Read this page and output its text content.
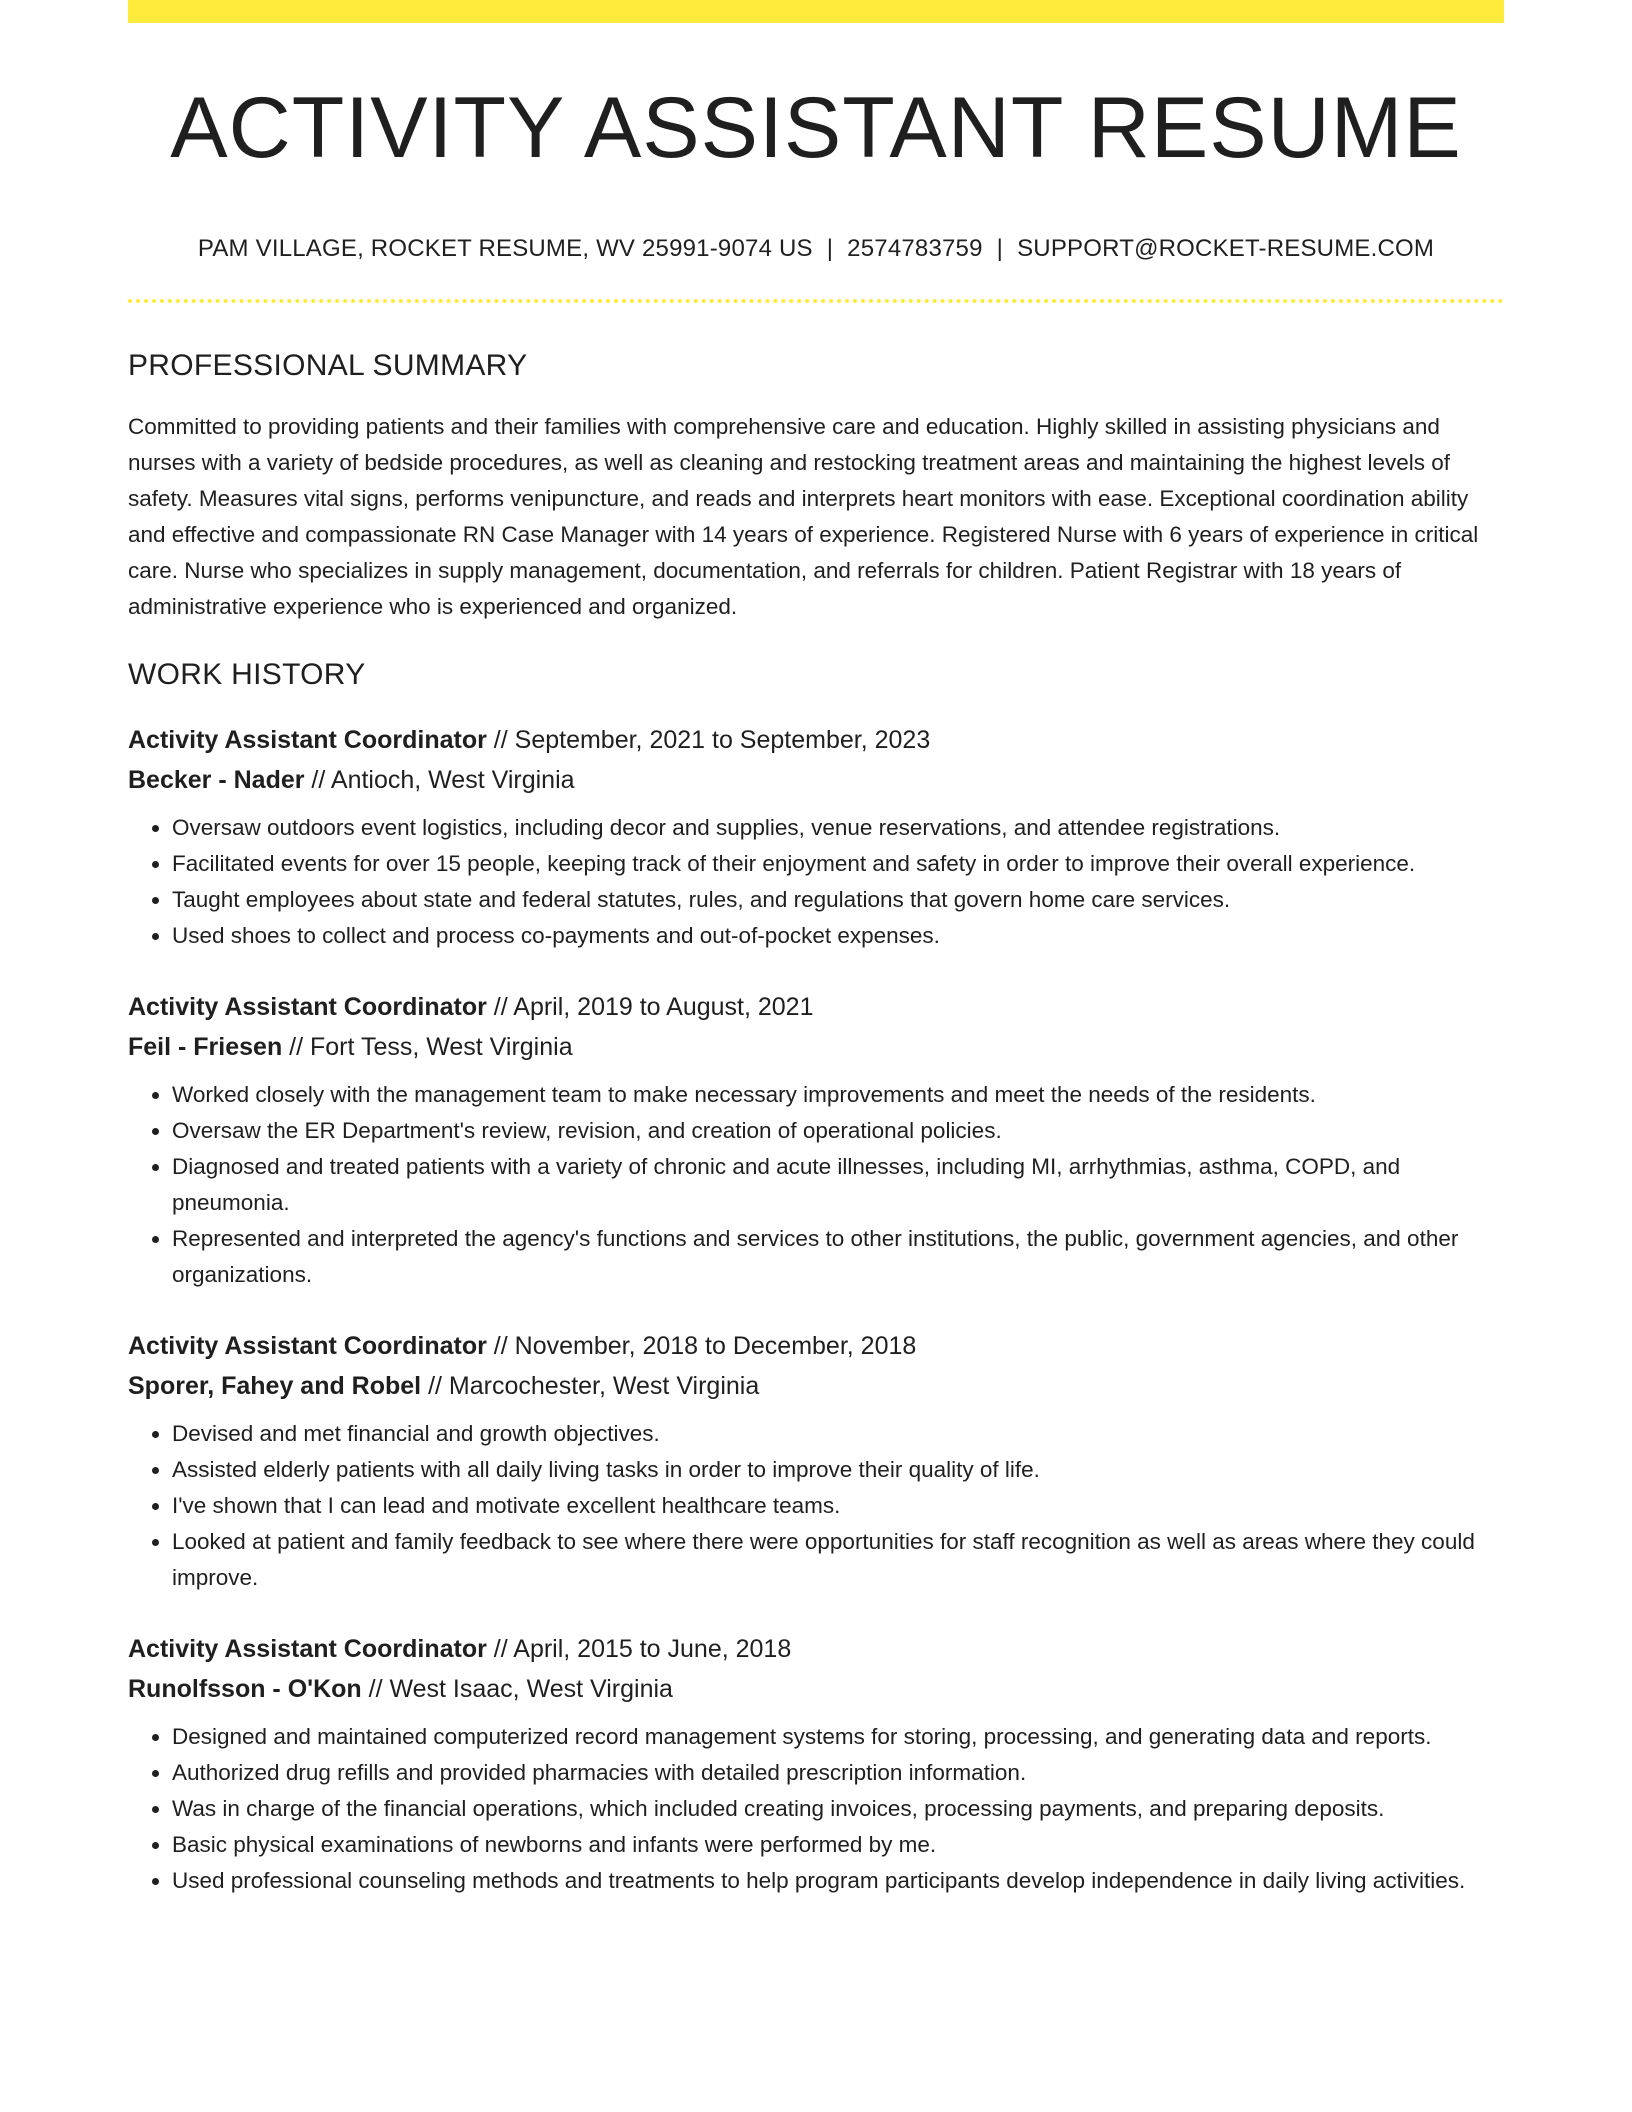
ACTIVITY ASSISTANT RESUME
PAM VILLAGE, ROCKET RESUME, WV 25991-9074 US | 2574783759 | SUPPORT@ROCKET-RESUME.COM
PROFESSIONAL SUMMARY

Committed to providing patients and their families with comprehensive care and education. Highly skilled in assisting physicians and nurses with a variety of bedside procedures, as well as cleaning and restocking treatment areas and maintaining the highest levels of safety. Measures vital signs, performs venipuncture, and reads and interprets heart monitors with ease. Exceptional coordination ability and effective and compassionate RN Case Manager with 14 years of experience. Registered Nurse with 6 years of experience in critical care. Nurse who specializes in supply management, documentation, and referrals for children. Patient Registrar with 18 years of administrative experience who is experienced and organized.

WORK HISTORY
Activity Assistant Coordinator // September, 2021 to September, 2023
Becker - Nader // Antioch, West Virginia
• Oversaw outdoors event logistics, including decor and supplies, venue reservations, and attendee registrations.
• Facilitated events for over 15 people, keeping track of their enjoyment and safety in order to improve their overall experience.
• Taught employees about state and federal statutes, rules, and regulations that govern home care services.
• Used shoes to collect and process co-payments and out-of-pocket expenses.
Activity Assistant Coordinator // April, 2019 to August, 2021
Feil - Friesen // Fort Tess, West Virginia
• Worked closely with the management team to make necessary improvements and meet the needs of the residents.
• Oversaw the ER Department's review, revision, and creation of operational policies.
• Diagnosed and treated patients with a variety of chronic and acute illnesses, including MI, arrhythmias, asthma, COPD, and pneumonia.
• Represented and interpreted the agency's functions and services to other institutions, the public, government agencies, and other organizations.
Activity Assistant Coordinator // November, 2018 to December, 2018
Sporer, Fahey and Robel // Marcochester, West Virginia
• Devised and met financial and growth objectives.
• Assisted elderly patients with all daily living tasks in order to improve their quality of life.
• I've shown that I can lead and motivate excellent healthcare teams.
• Looked at patient and family feedback to see where there were opportunities for staff recognition as well as areas where they could improve.
Activity Assistant Coordinator // April, 2015 to June, 2018
Runolfsson - O'Kon // West Isaac, West Virginia
• Designed and maintained computerized record management systems for storing, processing, and generating data and reports.
• Authorized drug refills and provided pharmacies with detailed prescription information.
• Was in charge of the financial operations, which included creating invoices, processing payments, and preparing deposits.
• Basic physical examinations of newborns and infants were performed by me.
• Used professional counseling methods and treatments to help program participants develop independence in daily living activities.
